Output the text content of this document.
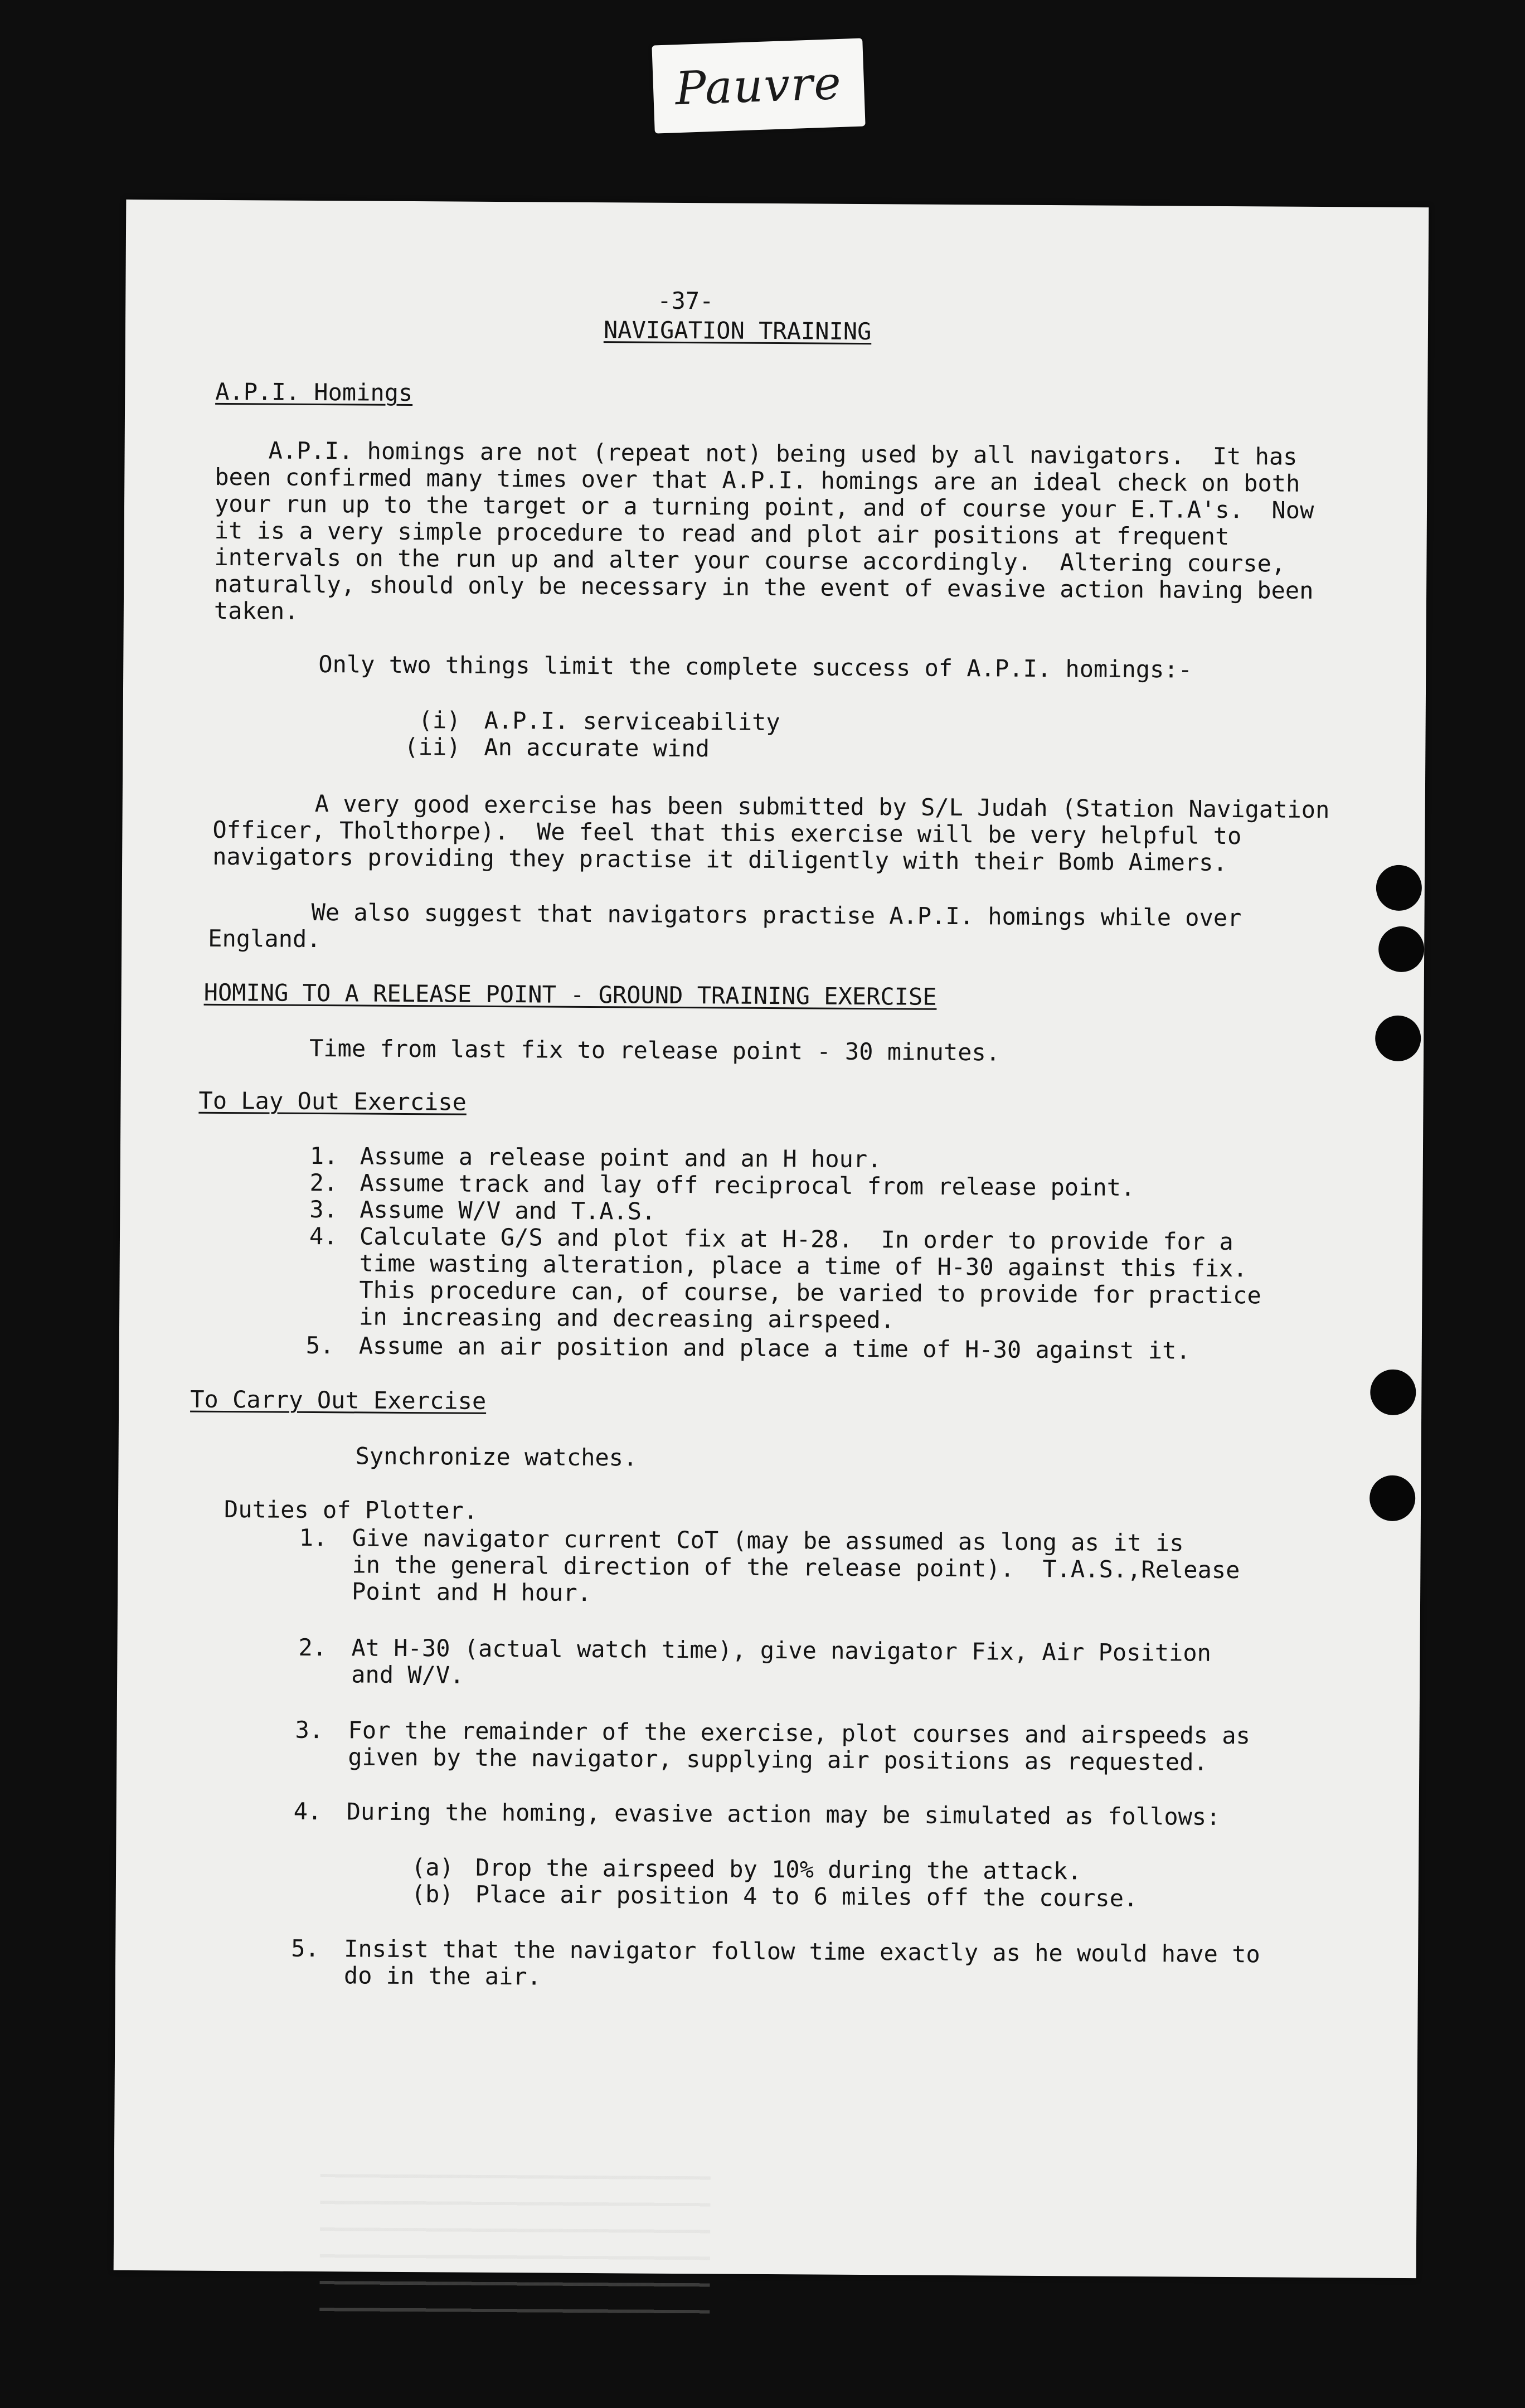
Pauvre
-37-
NAVIGATION TRAINING
A.P.I. Homings
A.P.I. homings are not (repeat not) being used by all navigators.  It has
been confirmed many times over that A.P.I. homings are an ideal check on both
your run up to the target or a turning point, and of course your E.T.A's.  Now
it is a very simple procedure to read and plot air positions at frequent
intervals on the run up and alter your course accordingly.  Altering course,
naturally, should only be necessary in the event of evasive action having been
taken.
Only two things limit the complete success of A.P.I. homings:-
(i) A.P.I. serviceability
(ii) An accurate wind
A very good exercise has been submitted by S/L Judah (Station Navigation
Officer, Tholthorpe).  We feel that this exercise will be very helpful to
navigators providing they practise it diligently with their Bomb Aimers.
We also suggest that navigators practise A.P.I. homings while over
England.
HOMING TO A RELEASE POINT - GROUND TRAINING EXERCISE
Time from last fix to release point - 30 minutes.
To Lay Out Exercise
1. Assume a release point and an H hour.
2. Assume track and lay off reciprocal from release point.
3. Assume W/V and T.A.S.
4. Calculate G/S and plot fix at H-28.  In order to provide for a
time wasting alteration, place a time of H-30 against this fix.
This procedure can, of course, be varied to provide for practice
in increasing and decreasing airspeed.
5. Assume an air position and place a time of H-30 against it.
To Carry Out Exercise
Synchronize watches.
Duties of Plotter.
1. Give navigator current CoT (may be assumed as long as it is
in the general direction of the release point).  T.A.S.,Release
Point and H hour.
2. At H-30 (actual watch time), give navigator Fix, Air Position
and W/V.
3. For the remainder of the exercise, plot courses and airspeeds as
given by the navigator, supplying air positions as requested.
4. During the homing, evasive action may be simulated as follows:
(a) Drop the airspeed by 10% during the attack.
(b) Place air position 4 to 6 miles off the course.
5. Insist that the navigator follow time exactly as he would have to
do in the air.
